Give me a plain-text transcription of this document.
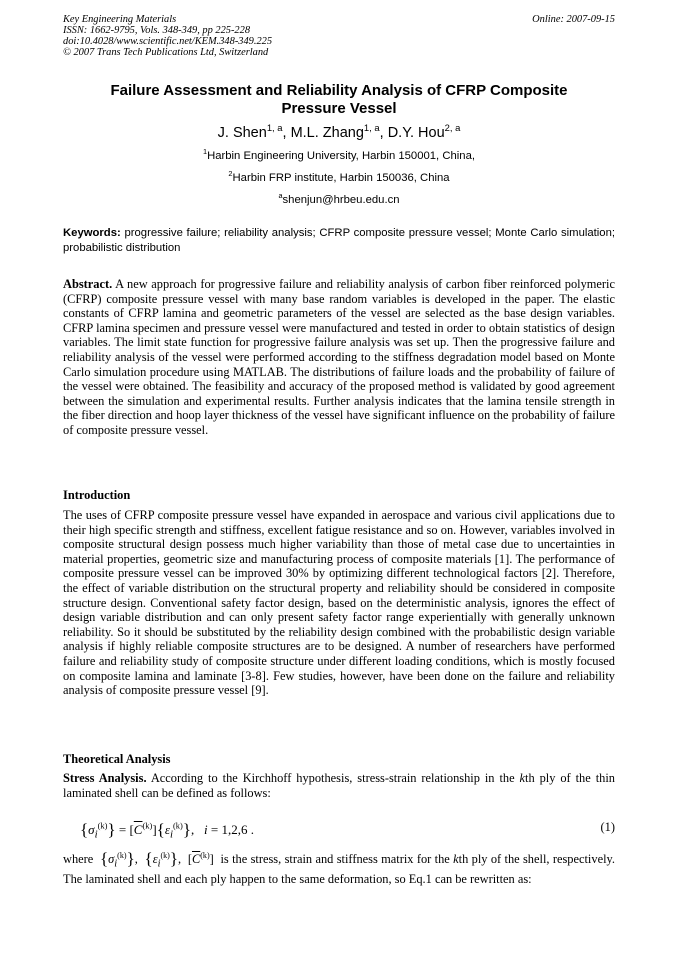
Key Engineering Materials
ISSN: 1662-9795, Vols. 348-349, pp 225-228
doi:10.4028/www.scientific.net/KEM.348-349.225
© 2007 Trans Tech Publications Ltd, Switzerland
Online: 2007-09-15
Failure Assessment and Reliability Analysis of CFRP Composite
Pressure Vessel
J. Shen$^{1, a}$, M.L. Zhang$^{1, a}$, D.Y. Hou$^{2, a}$
$^1$Harbin Engineering University, Harbin 150001, China,
$^2$Harbin FRP institute, Harbin 150036, China
$^a$shenjun@hrbeu.edu.cn
Keywords: progressive failure; reliability analysis; CFRP composite pressure vessel; Monte Carlo simulation; probabilistic distribution
Abstract. A new approach for progressive failure and reliability analysis of carbon fiber reinforced polymeric (CFRP) composite pressure vessel with many base random variables is developed in the paper. The elastic constants of CFRP lamina and geometric parameters of the vessel are selected as the base design variables. CFRP lamina specimen and pressure vessel were manufactured and tested in order to obtain statistics of design variables. The limit state function for progressive failure analysis was set up. Then the progressive failure and reliability analysis of the vessel were performed according to the stiffness degradation model based on Monte Carlo simulation procedure using MATLAB. The distributions of failure loads and the probability of failure of the vessel were obtained. The feasibility and accuracy of the proposed method is validated by good agreement between the simulation and experimental results. Further analysis indicates that the lamina tensile strength in the fiber direction and hoop layer thickness of the vessel have significant influence on the probability of failure of composite pressure vessel.
Introduction
The uses of CFRP composite pressure vessel have expanded in aerospace and various civil applications due to their high specific strength and stiffness, excellent fatigue resistance and so on. However, variables involved in composite structural design possess much higher variability than those of metal case due to uncertainties in material properties, geometric size and manufacturing process of composite materials [1]. The performance of composite pressure vessel can be improved 30% by optimizing different technological factors [2]. Therefore, the effect of variable distribution on the structural property and reliability should be considered in composite structure design. Conventional safety factor design, based on the deterministic analysis, ignores the effect of design variable distribution and can only present safety factor range experientially with generally unknown reliability. So it should be substituted by the reliability design combined with the probabilistic design variable analysis if highly reliable composite structures are to be designed. A number of researchers have performed failure and reliability study of composite structure under different loading conditions, which is mostly focused on composite lamina and laminate [3-8]. Few studies, however, have been done on the failure and reliability analysis of composite pressure vessel [9].
Theoretical Analysis
Stress Analysis. According to the Kirchhoff hypothesis, stress-strain relationship in the kth ply of the thin laminated shell can be defined as follows:
$\{\sigma_i^{(k)}\} = [\overline{C}^{(k)}]\{\varepsilon_i^{(k)}\}$,   i = 1,2,6 .	(1)
where $\{\sigma_i^{(k)}\}$,  $\{\varepsilon_i^{(k)}\}$,  $[\overline{C}^{(k)}]$  is the stress, strain and stiffness matrix for the kth ply of the shell, respectively. The laminated shell and each ply happen to the same deformation, so Eq.1 can be rewritten as:
